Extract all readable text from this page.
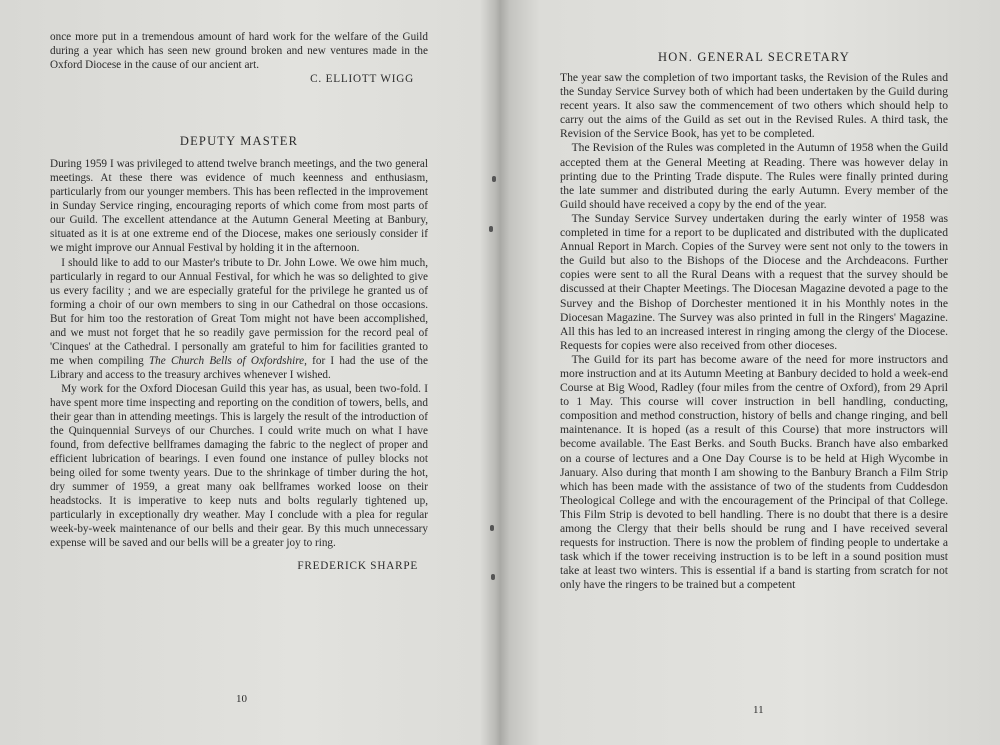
once more put in a tremendous amount of hard work for the welfare of the Guild during a year which has seen new ground broken and new ventures made in the Oxford Diocese in the cause of our ancient art.

C. ELLIOTT WIGG

DEPUTY MASTER

During 1959 I was privileged to attend twelve branch meetings, and the two general meetings. At these there was evidence of much keenness and enthusiasm, particularly from our younger members. This has been reflected in the improvement in Sunday Service ringing, encouraging reports of which come from most parts of our Guild. The excellent attendance at the Autumn General Meeting at Banbury, situated as it is at one extreme end of the Diocese, makes one seriously consider if we might improve our Annual Festival by holding it in the afternoon.

I should like to add to our Master's tribute to Dr. John Lowe. We owe him much, particularly in regard to our Annual Festival, for which he was so delighted to give us every facility ; and we are especially grateful for the privilege he granted us of forming a choir of our own members to sing in our Cathedral on those occasions. But for him too the restoration of Great Tom might not have been accomplished, and we must not forget that he so readily gave permission for the record peal of 'Cinques' at the Cathedral. I personally am grateful to him for facilities granted to me when compiling The Church Bells of Oxfordshire, for I had the use of the Library and access to the treasury archives whenever I wished.

My work for the Oxford Diocesan Guild this year has, as usual, been two-fold. I have spent more time inspecting and reporting on the condition of towers, bells, and their gear than in attending meetings. This is largely the result of the introduction of the Quinquennial Surveys of our Churches. I could write much on what I have found, from defective bellframes damaging the fabric to the neglect of proper and efficient lubrication of bearings. I even found one instance of pulley blocks not being oiled for some twenty years. Due to the shrinkage of timber during the hot, dry summer of 1959, a great many oak bellframes worked loose on their headstocks. It is imperative to keep nuts and bolts regularly tightened up, particularly in exceptionally dry weather. May I conclude with a plea for regular week-by-week maintenance of our bells and their gear. By this much unnecessary expense will be saved and our bells will be a greater joy to ring.

FREDERICK SHARPE

10
HON. GENERAL SECRETARY

The year saw the completion of two important tasks, the Revision of the Rules and the Sunday Service Survey both of which had been undertaken by the Guild during recent years. It also saw the commencement of two others which should help to carry out the aims of the Guild as set out in the Revised Rules. A third task, the Revision of the Service Book, has yet to be completed.

The Revision of the Rules was completed in the Autumn of 1958 when the Guild accepted them at the General Meeting at Reading. There was however delay in printing due to the Printing Trade dispute. The Rules were finally printed during the late summer and distributed during the early Autumn. Every member of the Guild should have received a copy by the end of the year.

The Sunday Service Survey undertaken during the early winter of 1958 was completed in time for a report to be duplicated and distributed with the duplicated Annual Report in March. Copies of the Survey were sent not only to the towers in the Guild but also to the Bishops of the Diocese and the Archdeacons. Further copies were sent to all the Rural Deans with a request that the survey should be discussed at their Chapter Meetings. The Diocesan Magazine devoted a page to the Survey and the Bishop of Dorchester mentioned it in his Monthly notes in the Diocesan Magazine. The Survey was also printed in full in the Ringers' Magazine. All this has led to an increased interest in ringing among the clergy of the Diocese. Requests for copies were also received from other dioceses.

The Guild for its part has become aware of the need for more instructors and more instruction and at its Autumn Meeting at Banbury decided to hold a week-end Course at Big Wood, Radley (four miles from the centre of Oxford), from 29 April to 1 May. This course will cover instruction in bell handling, conducting, composition and method construction, history of bells and change ringing, and bell maintenance. It is hoped (as a result of this Course) that more instructors will become available. The East Berks. and South Bucks. Branch have also embarked on a course of lectures and a One Day Course is to be held at High Wycombe in January. Also during that month I am showing to the Banbury Branch a Film Strip which has been made with the assistance of two of the students from Cuddesdon Theological College and with the encouragement of the Principal of that College. This Film Strip is devoted to bell handling. There is no doubt that there is a desire among the Clergy that their bells should be rung and I have received several requests for instruction. There is now the problem of finding people to undertake a task which if the tower receiving instruction is to be left in a sound position must take at least two winters. This is essential if a band is starting from scratch for not only have the ringers to be trained but a competent

11
